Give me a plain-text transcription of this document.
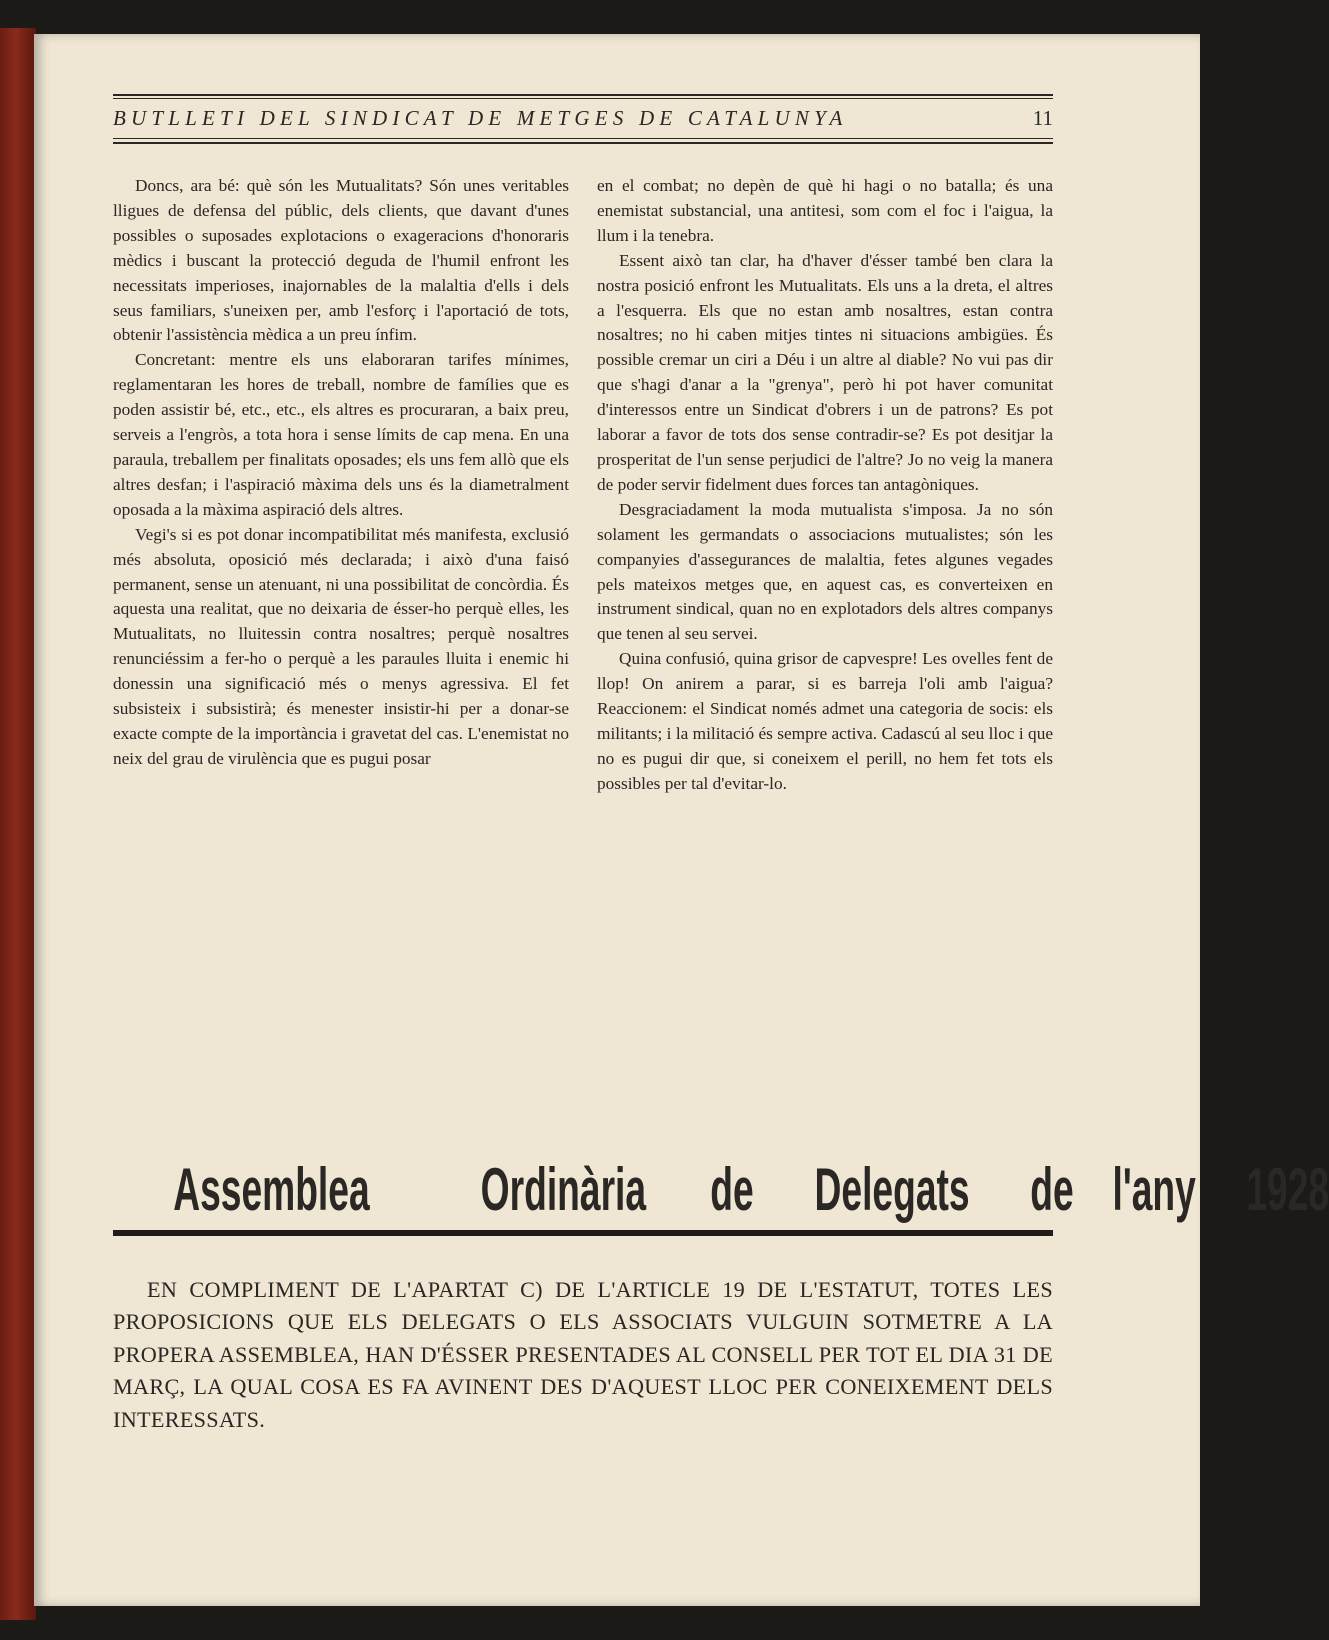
BUTLLETI DEL SINDICAT DE METGES DE CATALUNYA	11

Doncs, ara bé: què són les Mutualitats? Són unes veritables lligues de defensa del públic, dels clients, que davant d'unes possibles o suposades explotacions o exageracions d'honoraris mèdics i buscant la protecció deguda de l'humil enfront les necessitats imperioses, inajornables de la malaltia d'ells i dels seus familiars, s'uneixen per, amb l'esforç i l'aportació de tots, obtenir l'assistència mèdica a un preu ínfim.

Concretant: mentre els uns elaboraran tarifes mínimes, reglamentaran les hores de treball, nombre de famílies que es poden assistir bé, etc., etc., els altres es procuraran, a baix preu, serveis a l'engròs, a tota hora i sense límits de cap mena. En una paraula, treballem per finalitats oposades; els uns fem allò que els altres desfan; i l'aspiració màxima dels uns és la diametralment oposada a la màxima aspiració dels altres.

Vegi's si es pot donar incompatibilitat més manifesta, exclusió més absoluta, oposició més declarada; i això d'una faisó permanent, sense un atenuant, ni una possibilitat de concòrdia. És aquesta una realitat, que no deixaria de ésser-ho perquè elles, les Mutualitats, no lluitessin contra nosaltres; perquè nosaltres renunciéssim a fer-ho o perquè a les paraules lluita i enemic hi donessin una significació més o menys agressiva. El fet subsisteix i subsistirà; és menester insistir-hi per a donar-se exacte compte de la importància i gravetat del cas. L'enemistat no neix del grau de virulència que es pugui posar

en el combat; no depèn de què hi hagi o no batalla; és una enemistat substancial, una antitesi, som com el foc i l'aigua, la llum i la tenebra.

Essent això tan clar, ha d'haver d'ésser també ben clara la nostra posició enfront les Mutualitats. Els uns a la dreta, el altres a l'esquerra. Els que no estan amb nosaltres, estan contra nosaltres; no hi caben mitjes tintes ni situacions ambigües. És possible cremar un ciri a Déu i un altre al diable? No vui pas dir que s'hagi d'anar a la "grenya", però hi pot haver comunitat d'interessos entre un Sindicat d'obrers i un de patrons? Es pot laborar a favor de tots dos sense contradir-se? Es pot desitjar la prosperitat de l'un sense perjudici de l'altre? Jo no veig la manera de poder servir fidelment dues forces tan antagòniques.

Desgraciadament la moda mutualista s'imposa. Ja no són solament les germandats o associacions mutualistes; són les companyies d'assegurances de malaltia, fetes algunes vegades pels mateixos metges que, en aquest cas, es converteixen en instrument sindical, quan no en explotadors dels altres companys que tenen al seu servei.

Quina confusió, quina grisor de capvespre! Les ovelles fent de llop! On anirem a parar, si es barreja l'oli amb l'aigua? Reaccionem: el Sindicat només admet una categoria de socis: els militants; i la militació és sempre activa. Cadascú al seu lloc i que no es pugui dir que, si coneixem el perill, no hem fet tots els possibles per tal d'evitar-lo.

Assemblea Ordinària de Delegats de l'any 1928

EN COMPLIMENT DE L'APARTAT C) DE L'ARTICLE 19 DE L'ESTATUT, TOTES LES PROPOSICIONS QUE ELS DELEGATS O ELS ASSOCIATS VULGUIN SOTMETRE A LA PROPERA ASSEMBLEA, HAN D'ÉSSER PRESENTADES AL CONSELL PER TOT EL DIA 31 DE MARÇ, LA QUAL COSA ES FA AVINENT DES D'AQUEST LLOC PER CONEIXEMENT DELS INTERESSATS.
